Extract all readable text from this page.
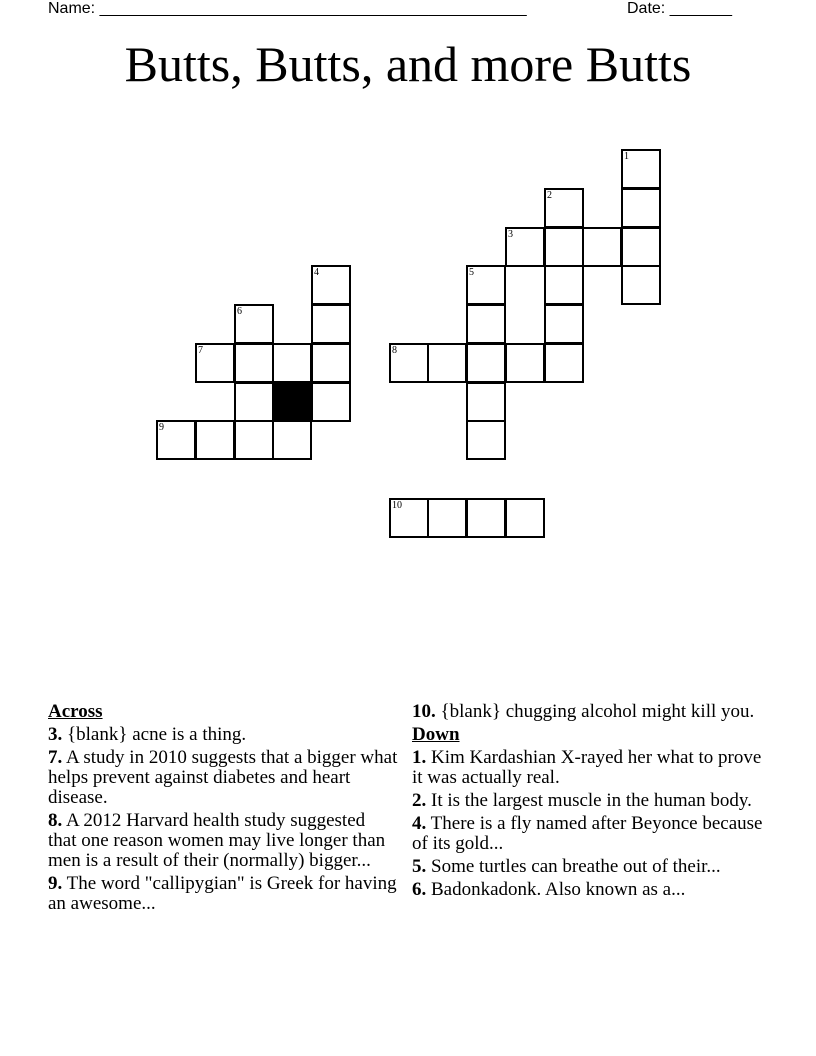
Name: ________________________________________________	Date: _______
Butts, Butts, and more Butts
1
2
3
4	5
6
7	8
9
10
Across
3. {blank} acne is a thing.
7. A study in 2010 suggests that a bigger what helps prevent against diabetes and heart disease.
8. A 2012 Harvard health study suggested that one reason women may live longer than men is a result of their (normally) bigger...
9. The word "callipygian" is Greek for having an awesome...
10. {blank} chugging alcohol might kill you.
Down
1. Kim Kardashian X-rayed her what to prove it was actually real.
2. It is the largest muscle in the human body.
4. There is a fly named after Beyonce because of its gold...
5. Some turtles can breathe out of their...
6. Badonkadonk. Also known as a...
